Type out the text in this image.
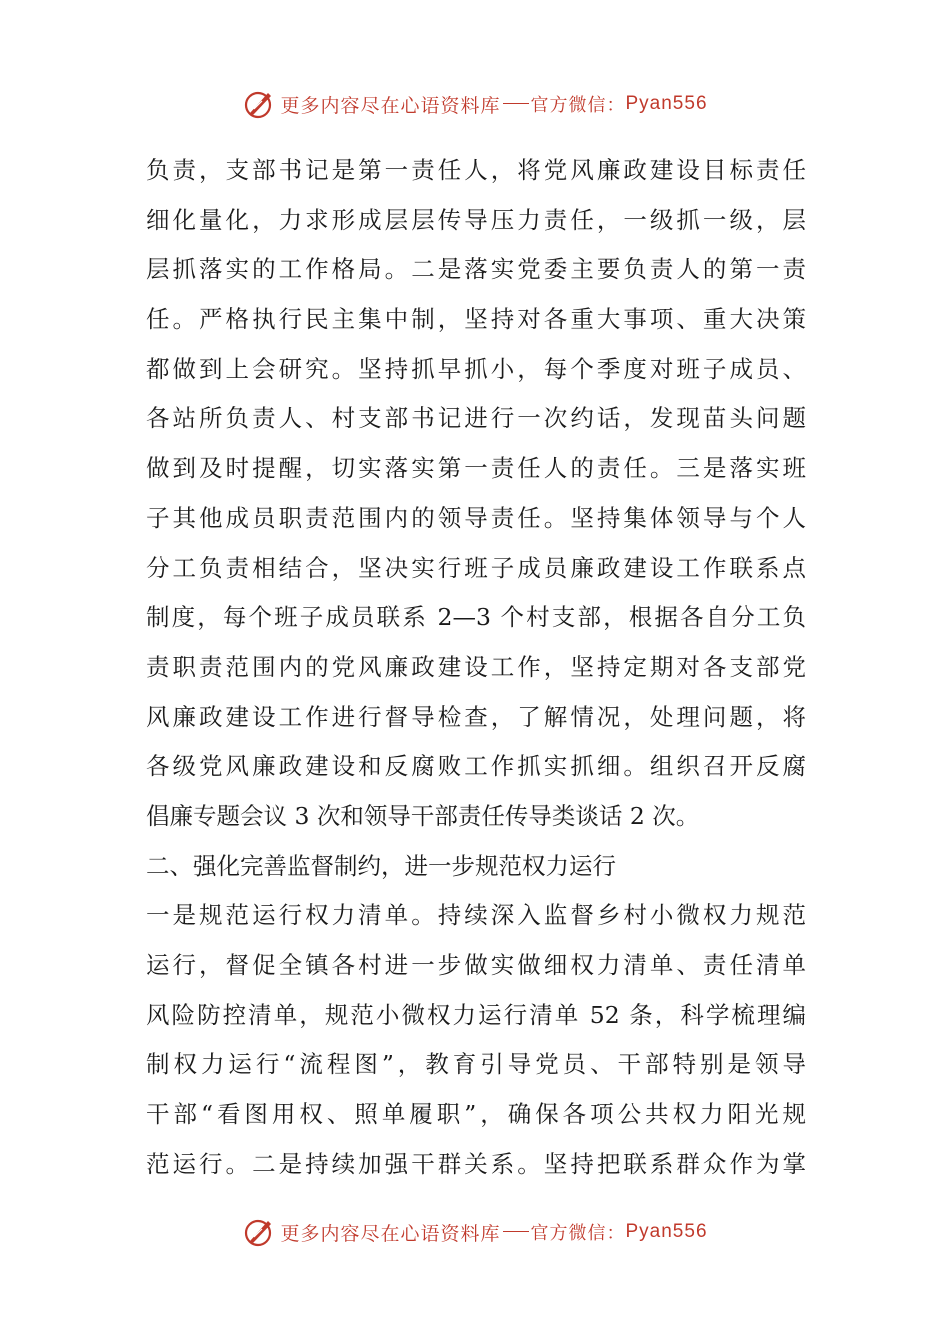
更多内容尽在心语资料库 官方微信： Pyan556
负责，支部书记是第一责任人，将党风廉政建设目标责任
细化量化，力求形成层层传导压力责任，一级抓一级，层
层抓落实的工作格局。二是落实党委主要负责人的第一责
任。严格执行民主集中制，坚持对各重大事项、重大决策
都做到上会研究。坚持抓早抓小，每个季度对班子成员、
各站所负责人、村支部书记进行一次约话，发现苗头问题
做到及时提醒，切实落实第一责任人的责任。三是落实班
子其他成员职责范围内的领导责任。坚持集体领导与个人
分工负责相结合，坚决实行班子成员廉政建设工作联系点
制度，每个班子成员联系 2—3 个村支部，根据各自分工负
责职责范围内的党风廉政建设工作，坚持定期对各支部党
风廉政建设工作进行督导检查，了解情况，处理问题，将
各级党风廉政建设和反腐败工作抓实抓细。组织召开反腐
倡廉专题会议 3 次和领导干部责任传导类谈话 2 次。
二、强化完善监督制约，进一步规范权力运行
一是规范运行权力清单。持续深入监督乡村小微权力规范
运行，督促全镇各村进一步做实做细权力清单、责任清单
风险防控清单，规范小微权力运行清单 52 条，科学梳理编
制权力运行“流程图”，教育引导党员、干部特别是领导
干部“看图用权、照单履职”，确保各项公共权力阳光规
范运行。二是持续加强干群关系。坚持把联系群众作为掌
更多内容尽在心语资料库 官方微信： Pyan556
